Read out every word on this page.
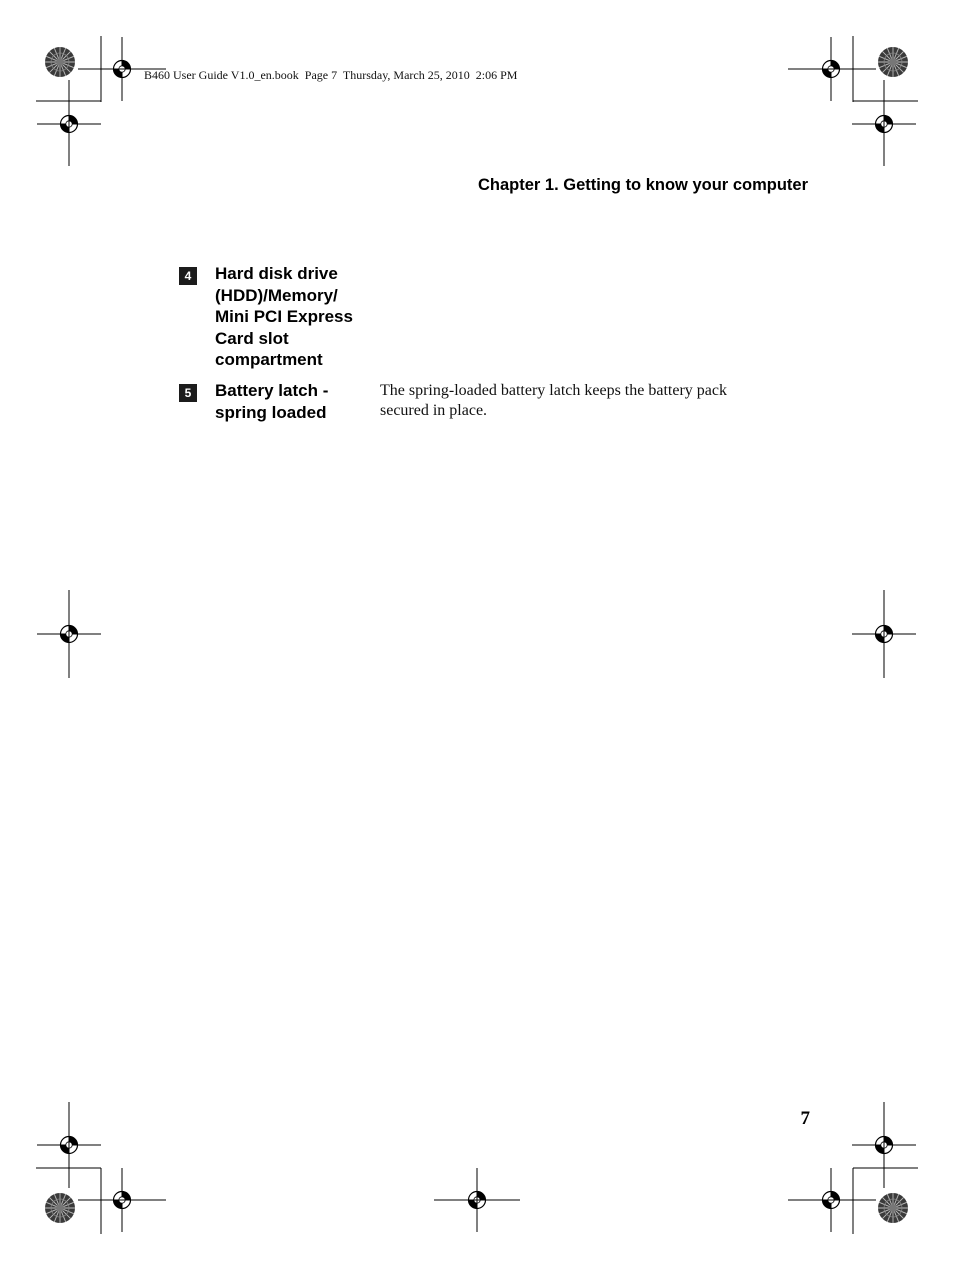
B460 User Guide V1.0_en.book  Page 7  Thursday, March 25, 2010  2:06 PM
Chapter 1. Getting to know your computer
4	Hard disk drive
(HDD)/Memory/
Mini PCI Express
Card slot
compartment

5	Battery latch -
spring loaded

The spring-loaded battery latch keeps the battery pack
secured in place.

7
